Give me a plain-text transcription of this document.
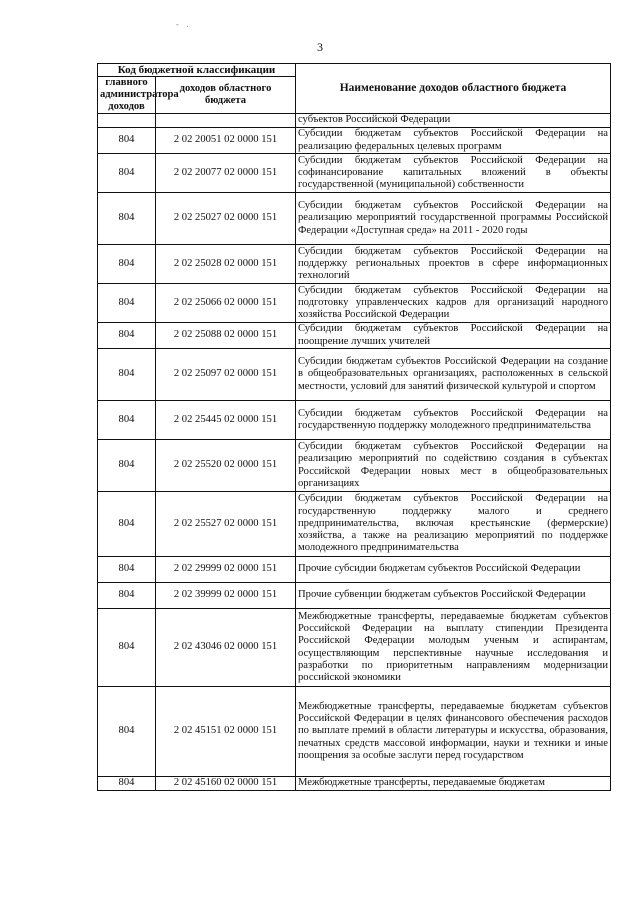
- .
3
Код бюджетной классификации		Наименование доходов областного бюджета
главного администратора доходов	доходов областного бюджета	
		субъектов Российской Федерации
804	2 02 20051 02 0000 151	Субсидии бюджетам субъектов Российской Федерации на реализацию федеральных целевых программ
804	2 02 20077 02 0000 151	Субсидии бюджетам субъектов Российской Федерации на софинансирование капитальных вложений в объекты государственной (муниципальной) собственности
804	2 02 25027 02 0000 151	Субсидии бюджетам субъектов Российской Федерации на реализацию мероприятий государственной программы Российской Федерации «Доступная среда» на 2011 - 2020 годы
804	2 02 25028 02 0000 151	Субсидии бюджетам субъектов Российской Федерации на поддержку региональных проектов в сфере информационных технологий
804	2 02 25066 02 0000 151	Субсидии бюджетам субъектов Российской Федерации на подготовку управленческих кадров для организаций народного хозяйства Российской Федерации
804	2 02 25088 02 0000 151	Субсидии бюджетам субъектов Российской Федерации на поощрение лучших учителей
804	2 02 25097 02 0000 151	Субсидии бюджетам субъектов Российской Федерации на создание в общеобразовательных организациях, расположенных в сельской местности, условий для занятий физической культурой и спортом
804	2 02 25445 02 0000 151	Субсидии бюджетам субъектов Российской Федерации на государственную поддержку молодежного предпринимательства
804	2 02 25520 02 0000 151	Субсидии бюджетам субъектов Российской Федерации на реализацию мероприятий по содействию создания в субъектах Российской Федерации новых мест в общеобразовательных организациях
804	2 02 25527 02 0000 151	Субсидии бюджетам субъектов Российской Федерации на государственную поддержку малого и среднего предпринимательства, включая крестьянские (фермерские) хозяйства, а также на реализацию мероприятий по поддержке молодежного предпринимательства
804	2 02 29999 02 0000 151	Прочие субсидии бюджетам субъектов Российской Федерации
804	2 02 39999 02 0000 151	Прочие субвенции бюджетам субъектов Российской Федерации
804	2 02 43046 02 0000 151	Межбюджетные трансферты, передаваемые бюджетам субъектов Российской Федерации на выплату стипендии Президента Российской Федерации молодым ученым и аспирантам, осуществляющим перспективные научные исследования и разработки по приоритетным направлениям модернизации российской экономики
804	2 02 45151 02 0000 151	Межбюджетные трансферты, передаваемые бюджетам субъектов Российской Федерации в целях финансового обеспечения расходов по выплате премий в области литературы и искусства, образования, печатных средств массовой информации, науки и техники и иные поощрения за особые заслуги перед государством
804	2 02 45160 02 0000 151	Межбюджетные трансферты, передаваемые бюджетам
